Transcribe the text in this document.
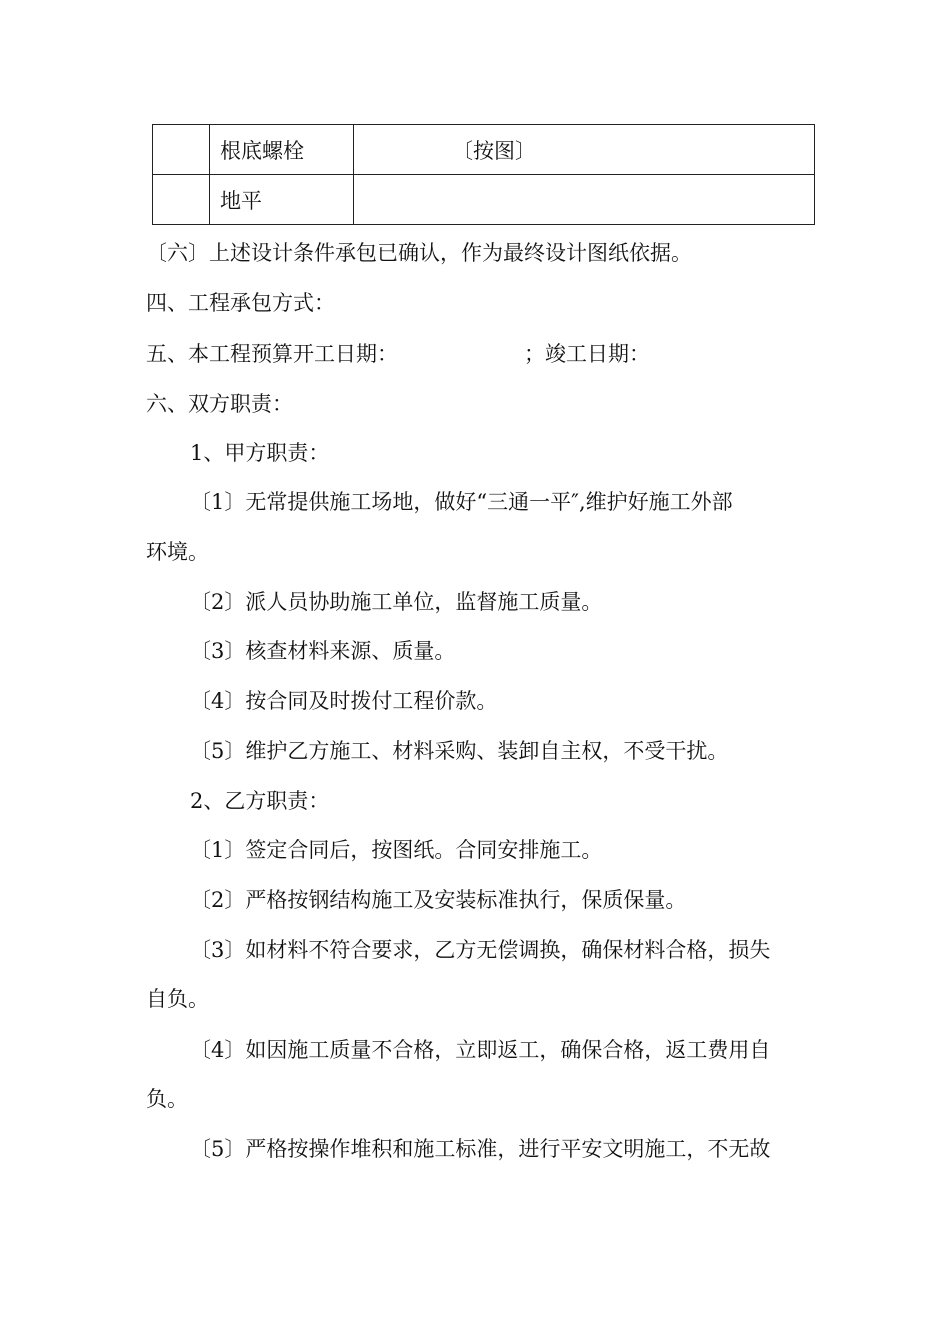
	根底螺栓	〔按图〕
	地平	
〔六〕上述设计条件承包已确认，作为最终设计图纸依据。
四、工程承包方式：
五、本工程预算开工日期：	；竣工日期：
六、双方职责：
1、甲方职责：
〔1〕无常提供施工场地，做好“三通一平″,维护好施工外部
环境。
〔2〕派人员协助施工单位，监督施工质量。
〔3〕核查材料来源、质量。
〔4〕按合同及时拨付工程价款。
〔5〕维护乙方施工、材料采购、装卸自主权，不受干扰。
2、乙方职责：
〔1〕签定合同后，按图纸。合同安排施工。
〔2〕严格按钢结构施工及安装标准执行，保质保量。
〔3〕如材料不符合要求，乙方无偿调换，确保材料合格，损失
自负。
〔4〕如因施工质量不合格，立即返工，确保合格，返工费用自
负。
〔5〕严格按操作堆积和施工标准，进行平安文明施工，不无故
